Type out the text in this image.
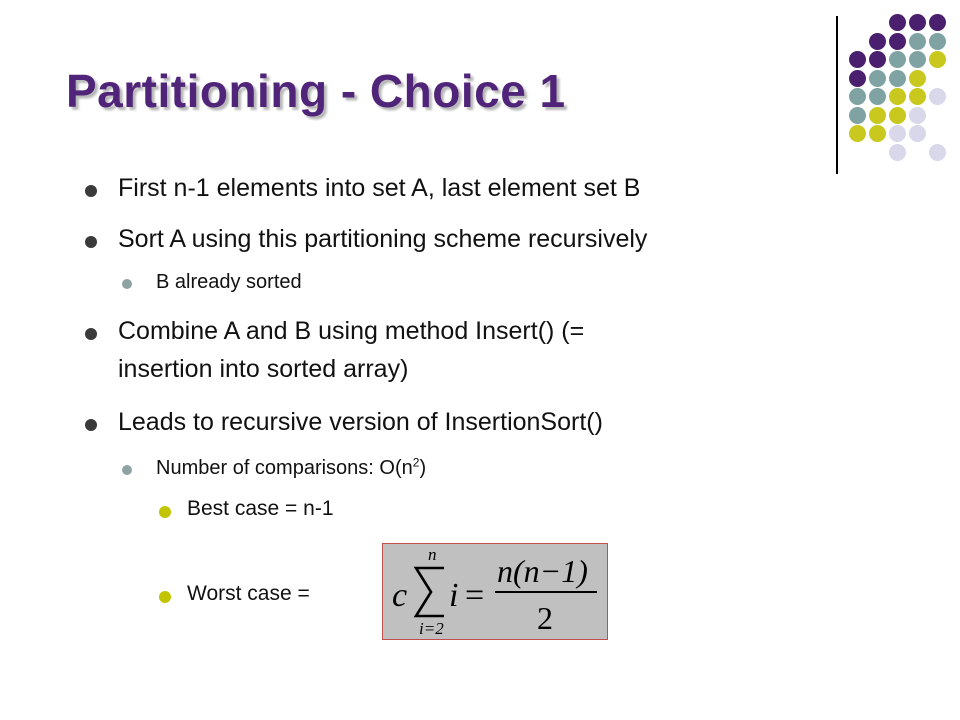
Partitioning - Choice 1
First n-1 elements into set A, last element set B
Sort A using this partitioning scheme recursively
B already sorted
Combine A and B using method Insert() (=
insertion into sorted array)
Leads to recursive version of InsertionSort()
Number of comparisons: $O(n^2)$
Best case = n-1
Worst case = c
n
i=2
i =
n(n−1)
2
